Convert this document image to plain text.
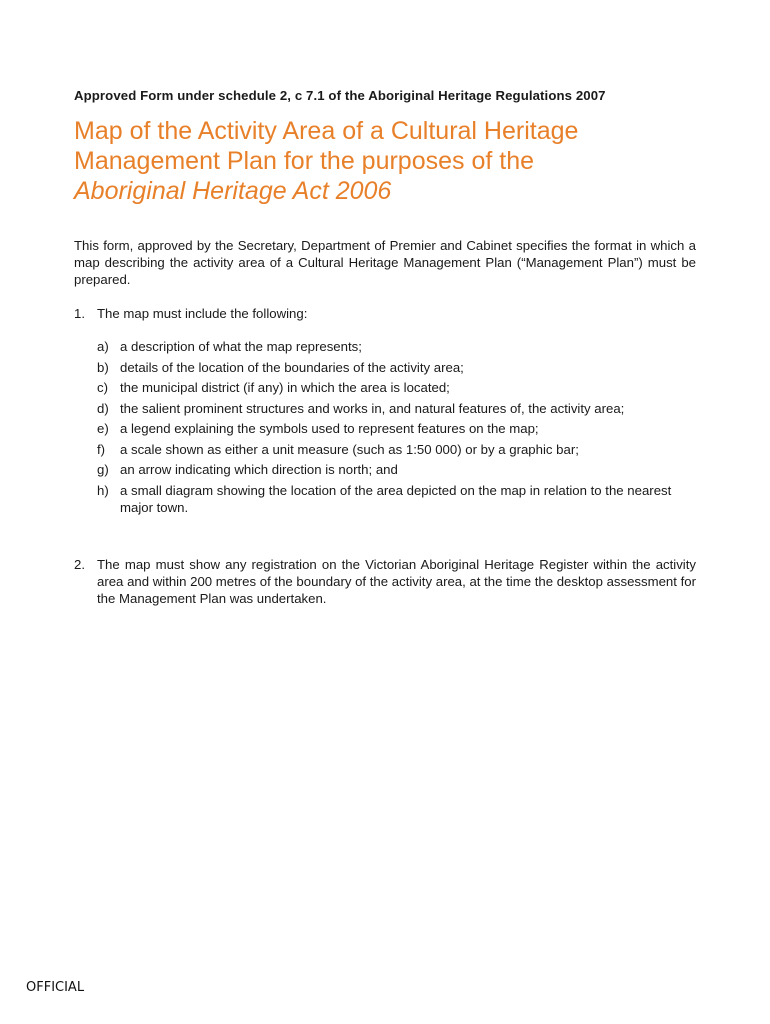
Approved Form under schedule 2, c 7.1 of the Aboriginal Heritage Regulations 2007
Map of the Activity Area of a Cultural Heritage
Management Plan for the purposes of the
Aboriginal Heritage Act 2006
This form, approved by the Secretary, Department of Premier and Cabinet specifies the format in which a map describing the activity area of a Cultural Heritage Management Plan (“Management Plan”) must be prepared.
1. The map must include the following:
a) a description of what the map represents;
b) details of the location of the boundaries of the activity area;
c) the municipal district (if any) in which the area is located;
d) the salient prominent structures and works in, and natural features of, the activity area;
e) a legend explaining the symbols used to represent features on the map;
f)	a scale shown as either a unit measure (such as 1:50 000) or by a graphic bar;
g) an arrow indicating which direction is north; and
h) a small diagram showing the location of the area depicted on the map in relation to the nearest major town.
2. The map must show any registration on the Victorian Aboriginal Heritage Register within the activity area and within 200 metres of the boundary of the activity area, at the time the desktop assessment for the Management Plan was undertaken.
OFFICIAL
